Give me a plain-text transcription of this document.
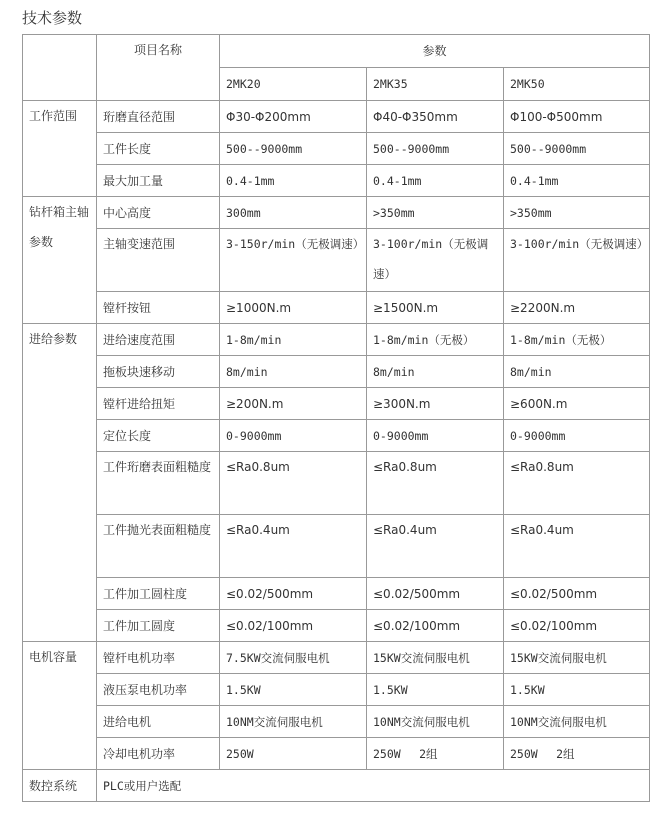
技术参数
	项目名称	参数		
		2MK20	2MK35	2MK50
工作范围	珩磨直径范围	Φ30-Φ200mm	Φ40-Φ350mm	Φ100-Φ500mm
	工件长度	500--9000mm	500--9000mm	500--9000mm
	最大加工量	0.4-1mm	0.4-1mm	0.4-1mm
钻杆箱主轴参数	中心高度	300mm	>350mm	>350mm
	主轴变速范围	3-150r/min（无极调速）	3-100r/min（无极调速）	3-100r/min（无极调速）
	镗杆按钮	≥1000N.m	≥1500N.m	≥2200N.m
进给参数	进给速度范围	1-8m/min	1-8m/min（无极）	1-8m/min（无极）
	拖板块速移动	8m/min	8m/min	8m/min
	镗杆进给扭矩	≥200N.m	≥300N.m	≥600N.m
	定位长度	0-9000mm	0-9000mm	0-9000mm
	工件珩磨表面粗糙度	≤Ra0.8um	≤Ra0.8um	≤Ra0.8um
	工件抛光表面粗糙度	≤Ra0.4um	≤Ra0.4um	≤Ra0.4um
	工件加工圆柱度	≤0.02/500mm	≤0.02/500mm	≤0.02/500mm
	工件加工圆度	≤0.02/100mm	≤0.02/100mm	≤0.02/100mm
电机容量	镗杆电机功率	7.5KW交流伺服电机	15KW交流伺服电机	15KW交流伺服电机
	液压泵电机功率	1.5KW	1.5KW	1.5KW
	进给电机	10NM交流伺服电机	10NM交流伺服电机	10NM交流伺服电机
	冷却电机功率	250W	250W　 2组	250W　 2组
数控系统	PLC或用户选配			
